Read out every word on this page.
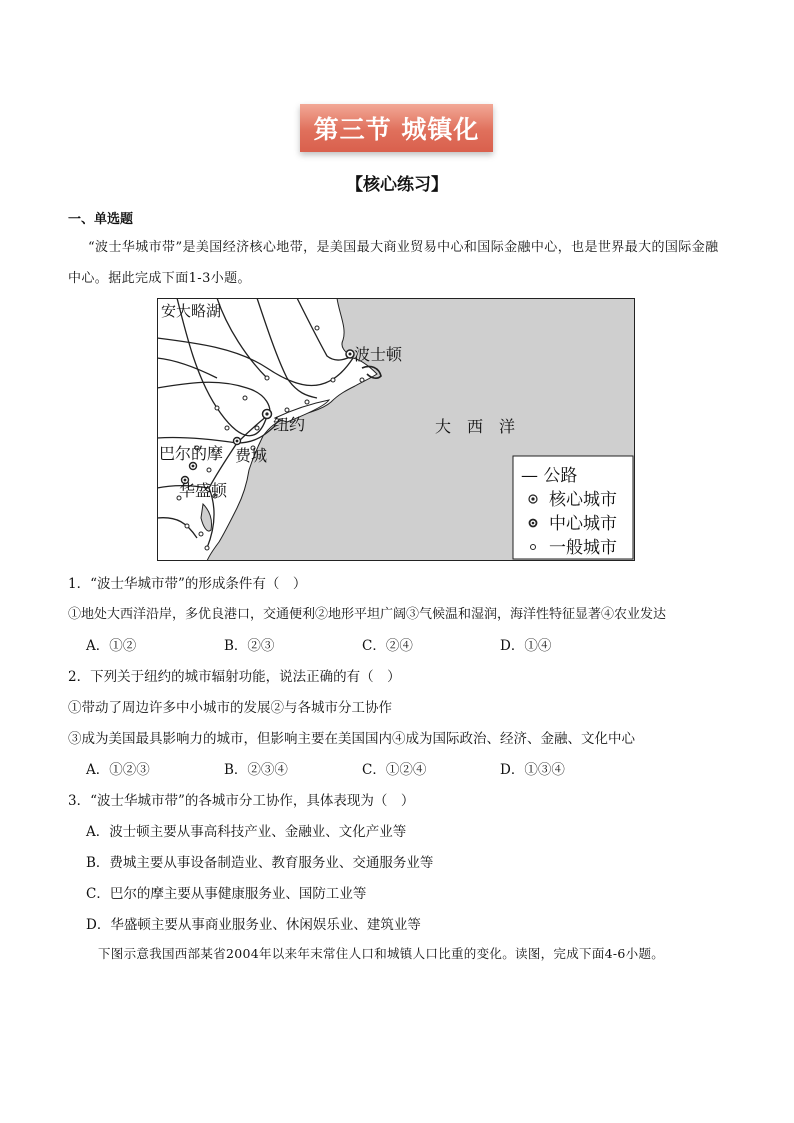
第三节 城镇化
【核心练习】
一、单选题
“波士华城市带”是美国经济核心地带，是美国最大商业贸易中心和国际金融中心，也是世界最大的国际金融中心。据此完成下面1-3小题。
安大略湖
波士顿
纽约	大　西　洋
巴尔的摩 费城
华盛顿
— 公路
核心城市
中心城市
一般城市
1．“波士华城市带”的形成条件有（　）
①地处大西洋沿岸，多优良港口，交通便利②地形平坦广阔③气候温和湿润，海洋性特征显著④农业发达
A．①②	B．②③	C．②④	D．①④
2．下列关于纽约的城市辐射功能，说法正确的有（　）
①带动了周边许多中小城市的发展②与各城市分工协作
③成为美国最具影响力的城市，但影响主要在美国国内④成为国际政治、经济、金融、文化中心
A．①②③	B．②③④	C．①②④	D．①③④
3．“波士华城市带”的各城市分工协作，具体表现为（　）
A．波士顿主要从事高科技产业、金融业、文化产业等
B．费城主要从事设备制造业、教育服务业、交通服务业等
C．巴尔的摩主要从事健康服务业、国防工业等
D．华盛顿主要从事商业服务业、休闲娱乐业、建筑业等
下图示意我国西部某省2004年以来年末常住人口和城镇人口比重的变化。读图，完成下面4-6小题。
